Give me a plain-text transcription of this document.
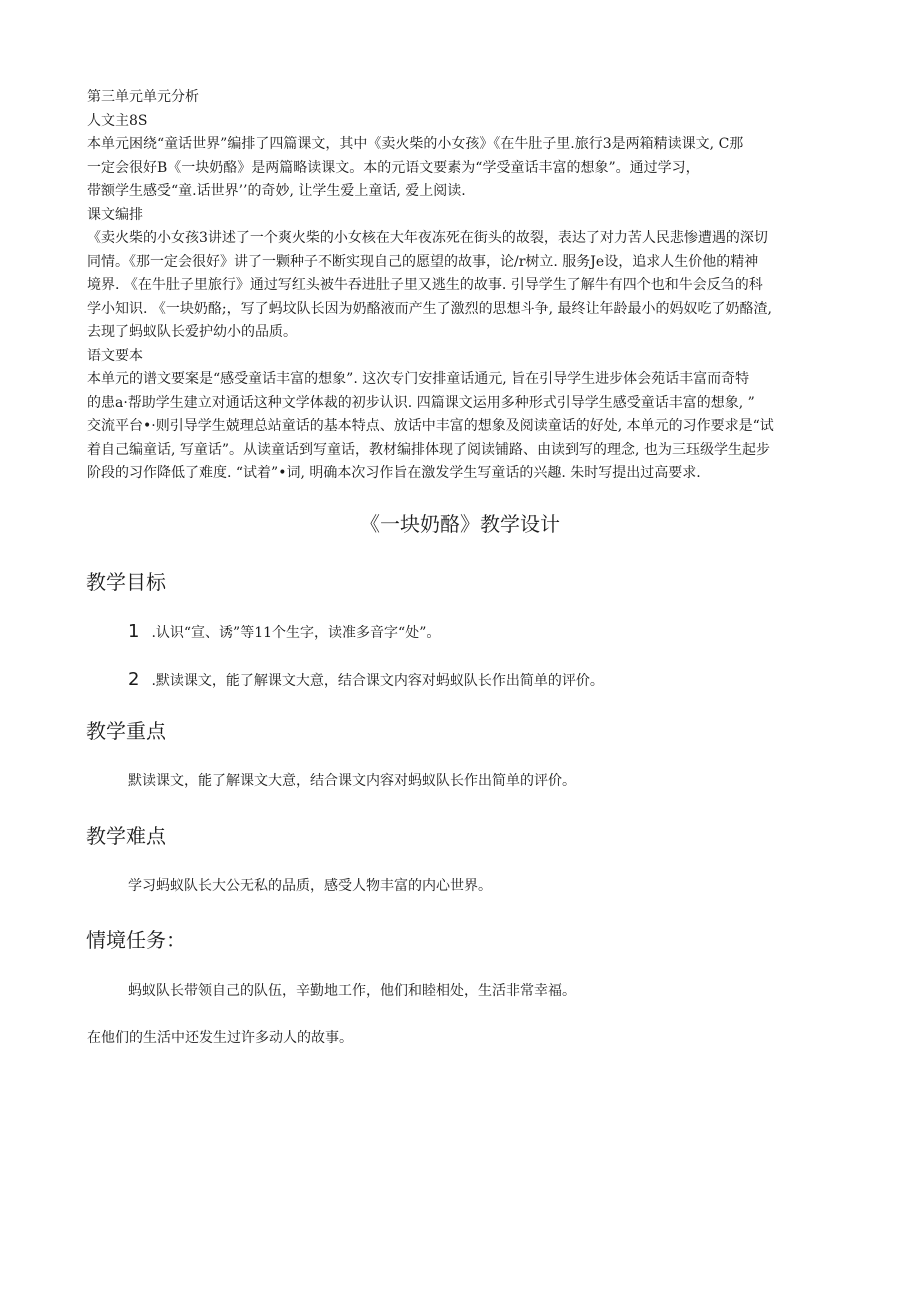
第三单元单元分析

人文主8S

本单元困绕“童话世界”编排了四篇课文，其中《卖火柴的小女孩》《在牛肚子里.旅行3是两箱精读课文, C那
一定会很好B《一块奶酪》是两篇略读课文。本的元语文要素为“学受童话丰富的想象”。通过学习，
带额学生感受“童.话世界’’的奇妙, 让学生爱上童话, 爱上阅读.

课文编排

《卖火柴的小女孩3讲述了一个爽火柴的小女核在大年夜冻死在街头的故裂，表达了对力苦人民悲惨遭遇的深切
同情。《那一定会很好》讲了一颗种子不断实现自己的愿望的故事，论/r树立. 服务Je设，追求人生价他的精神
境界. 《在牛肚子里旅行》通过写红头被牛吞进肚子里又逃生的故事. 引导学生了解牛有四个也和牛会反刍的科
学小知识. 《一块奶酪;，写了蚂坟队长因为奶酪液而产生了激烈的思想斗争, 最终让年龄最小的妈奴吃了奶酪渣,
去现了蚂蚁队长爱护幼小的品质。

语文要本

本单元的谱文要案是“感受童话丰富的想象”. 这次专门安排童话通元, 旨在引导学生进步体会苑话丰富而奇特
的患a·帮助学生建立对通话这种文学体裁的初步认识. 四篇课文运用多种形式引导学生感受童话丰富的想象, ”
交流平台•·则引导学生兢理总站童话的基本特点、放话中丰富的想象及阅读童话的好处, 本单元的习作要求是“试
着自己编童话, 写童话”。从读童话到写童话，教材编排体现了阅读铺路、由读到写的理念, 也为三珏级学生起步
阶段的习作降低了难度. “试着”•词, 明确本次习作旨在激发学生写童话的兴趣. 朱时写提出过高要求.

《一块奶酪》教学设计
教学目标
1 .认识“宣、诱”等11个生字，读准多音字“处”。
2 .默读课文，能了解课文大意，结合课文内容对蚂蚁队长作出简单的评价。
教学重点

默读课文，能了解课文大意，结合课文内容对蚂蚁队长作出简单的评价。

教学难点

学习蚂蚁队长大公无私的品质，感受人物丰富的内心世界。

情境任务：

蚂蚁队长带领自己的队伍，辛勤地工作，他们和睦相处，生活非常幸福。

在他们的生活中还发生过许多动人的故事。
